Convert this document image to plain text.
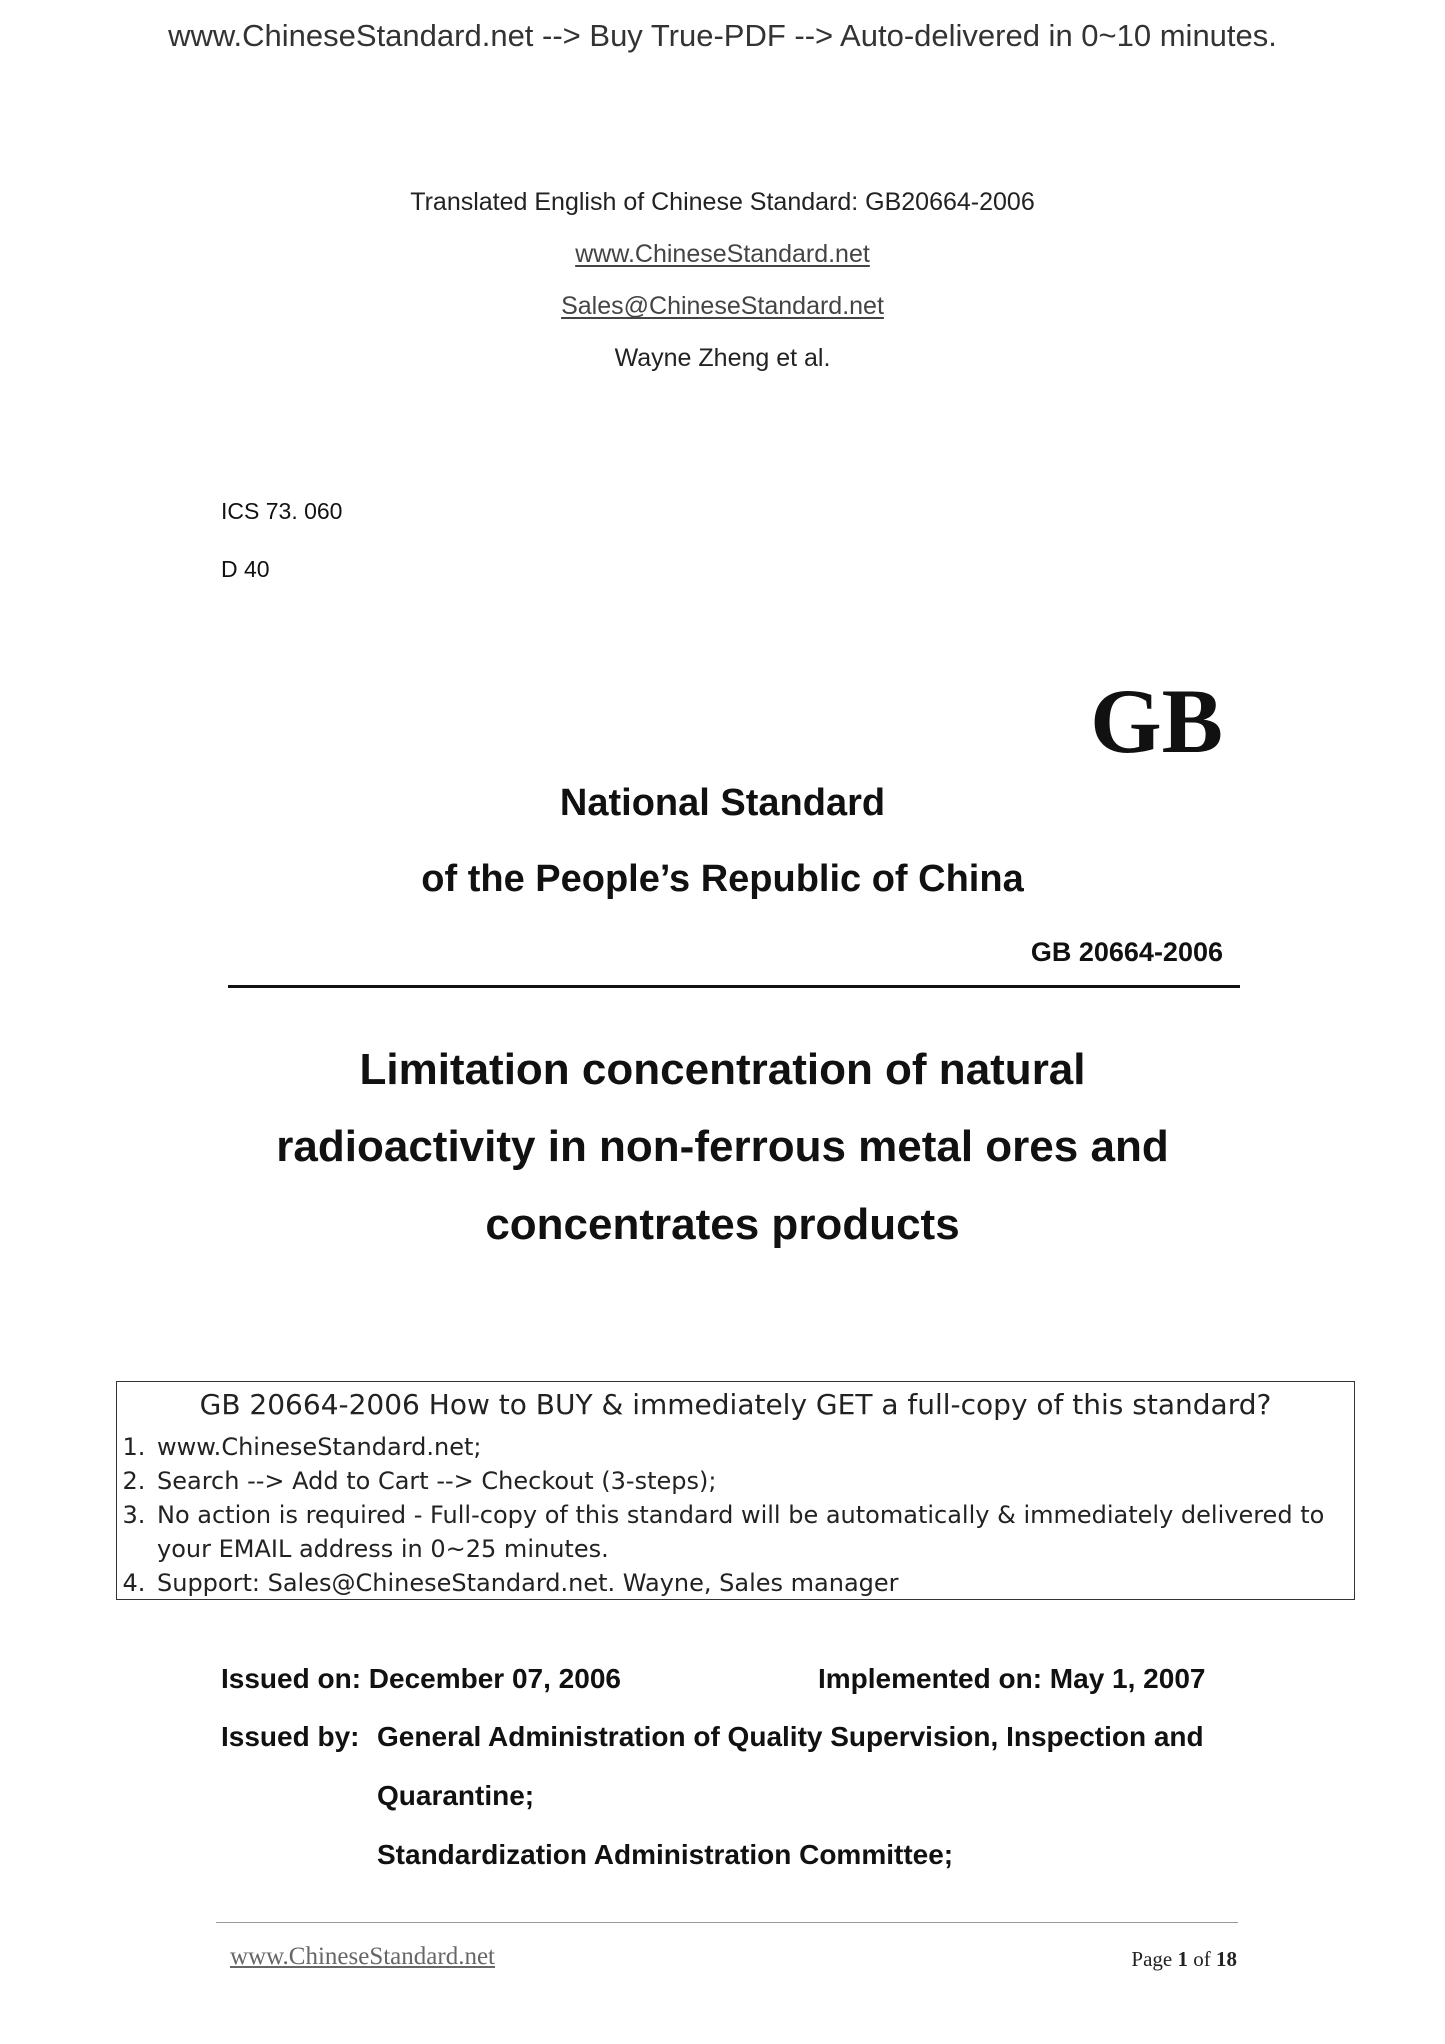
www.ChineseStandard.net --> Buy True-PDF --> Auto-delivered in 0~10 minutes.
Translated English of Chinese Standard: GB20664-2006
www.ChineseStandard.net
Sales@ChineseStandard.net
Wayne Zheng et al.
ICS 73. 060
D 40
GB
National Standard
of the People’s Republic of China
GB 20664-2006
Limitation concentration of natural
radioactivity in non-ferrous metal ores and
concentrates products
GB 20664-2006 How to BUY & immediately GET a full-copy of this standard?
1. www.ChineseStandard.net;
2. Search --> Add to Cart --> Checkout (3-steps);
3. No action is required - Full-copy of this standard will be automatically & immediately delivered to your EMAIL address in 0~25 minutes.
4. Support: Sales@ChineseStandard.net. Wayne, Sales manager
Issued on: December 07, 2006	Implemented on: May 1, 2007
Issued by: General Administration of Quality Supervision, Inspection and
Quarantine;
Standardization Administration Committee;
www.ChineseStandard.net	Page 1 of 18
